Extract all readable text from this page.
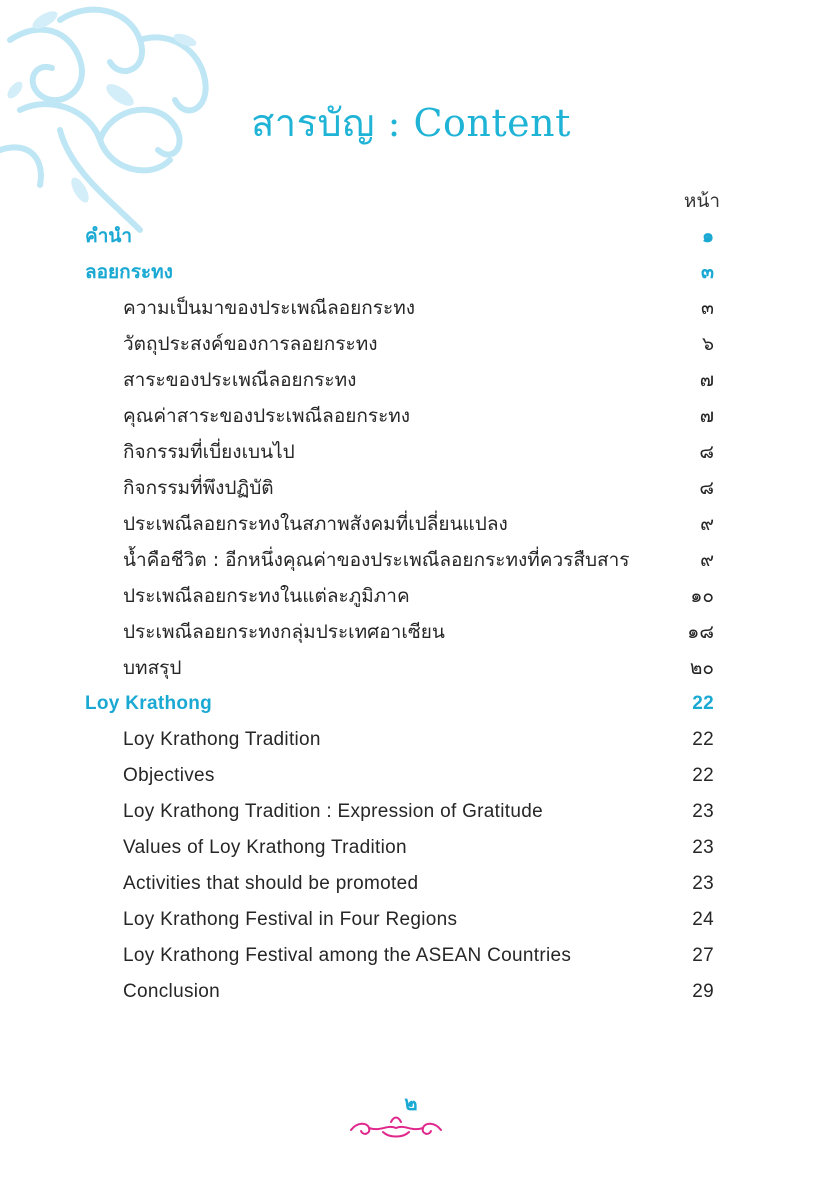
สารบัญ : Content
หน้า
คำนำ	๑
ลอยกระทง	๓
ความเป็นมาของประเพณีลอยกระทง	๓
วัตถุประสงค์ของการลอยกระทง	๖
สาระของประเพณีลอยกระทง	๗
คุณค่าสาระของประเพณีลอยกระทง	๗
กิจกรรมที่เบี่ยงเบนไป	๘
กิจกรรมที่พึงปฏิบัติ	๘
ประเพณีลอยกระทงในสภาพสังคมที่เปลี่ยนแปลง	๙
น้ำคือชีวิต : อีกหนึ่งคุณค่าของประเพณีลอยกระทงที่ควรสืบสาร	๙
ประเพณีลอยกระทงในแต่ละภูมิภาค	๑๐
ประเพณีลอยกระทงกลุ่มประเทศอาเซียน	๑๘
บทสรุป	๒๐
Loy Krathong	22
Loy Krathong Tradition	22
Objectives	22
Loy Krathong Tradition : Expression of Gratitude	23
Values of Loy Krathong Tradition	23
Activities that should be promoted	23
Loy Krathong Festival in Four Regions	24
Loy Krathong Festival among the ASEAN Countries	27
Conclusion	29
๒
